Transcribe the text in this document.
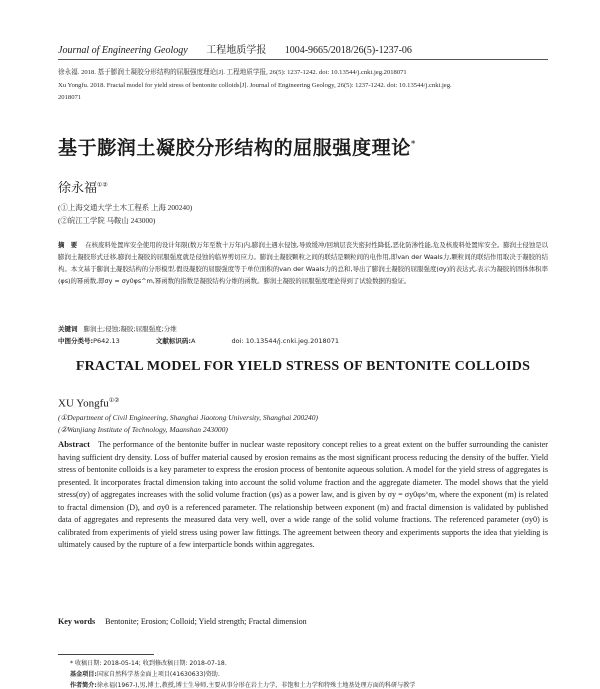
Journal of Engineering Geology 工程地质学报 1004-9665/2018/26(5)-1237-06
徐永福. 2018. 基于膨润土凝胶分形结构的屈服强度理论[J]. 工程地质学报, 26(5): 1237-1242. doi: 10.13544/j.cnki.jeg.2018071
Xu Yongfu. 2018. Fractal model for yield stress of bentonite colloids[J]. Journal of Engineering Geology, 26(5): 1237-1242. doi: 10.13544/j.cnki.jeg.
2018071
基于膨润土凝胶分形结构的屈服强度理论*
徐永福①②
(①上海交通大学土木工程系 上海 200240)
(②皖江工学院 马鞍山 243000)
摘　要 在核废料处置库安全使用的设计年限(数万年至数十万年)内,膨润土遇水侵蚀,导致缓冲/回填层丧失密封性降低,恶化防渗性能,危及核废料处置库安全。膨润土侵蚀是以膨润土凝胶形式迁移,膨润土凝胶的屈服强度就是侵蚀的临界剪切应力。膨润土凝胶颗粒之间的联结是颗粒间的电作用,即van der Waals力,颗粒间的联结作用取决于凝胶的结构。本文基于膨润土凝胶结构的分形模型,假设凝胶的屈服强度等于单位面积的van der Waals力的总和,导出了膨润土凝胶的屈服强度(σy)的表达式,表示为凝胶的固体体积率(φs)的幂函数,即σy = σy0φs^m,幂函数的指数是凝胶结构分维的函数。膨润土凝胶的屈服强度理论得到了试验数据的验证。
关键词 膨润土;侵蚀;凝胶;屈服强度;分维
中图分类号:P642.13	文献标识码:A	doi: 10.13544/j.cnki.jeg.2018071
FRACTAL MODEL FOR YIELD STRESS OF BENTONITE COLLOIDS
XU Yongfu①②
(①Department of Civil Engineering, Shanghai Jiaotong University, Shanghai 200240)
(②Wanjiang Institute of Technology, Maanshan 243000)
Abstract The performance of the bentonite buffer in nuclear waste repository concept relies to a great extent on the buffer surrounding the canister having sufficient dry density. Loss of buffer material caused by erosion remains as the most significant process reducing the density of the buffer. Yield stress of bentonite colloids is a key parameter to express the erosion process of bentonite aqueous solution. A model for the yield stress of aggregates is presented. It incorporates fractal dimension taking into account the solid volume fraction and the aggregate diameter. The model shows that the yield stress(σy) of aggregates increases with the solid volume fraction (φs) as a power law, and is given by σy = σy0φs^m, where the exponent (m) is related to fractal dimension (D), and σy0 is a referenced parameter. The relationship between exponent (m) and fractal dimension is validated by published data of aggregates and represents the measured data very well, over a wide range of the solid volume fractions. The referenced parameter (σy0) is calibrated from experiments of yield stress using power law fittings. The agreement between theory and experiments supports the idea that yielding is ultimately caused by the rupture of a few interparticle bonds within aggregates.
Key words Bentonite; Erosion; Colloid; Yield strength; Fractal dimension
* 收稿日期: 2018-05-14; 收到修改稿日期: 2018-07-18.
基金项目:国家自然科学基金面上项目(41630633)资助.
作者简介:徐永福(1967-),男,博士,教授,博士生导师,主要从事分形在岩土力学、非饱和土力学和特殊土地基处理方面的科研与教学
